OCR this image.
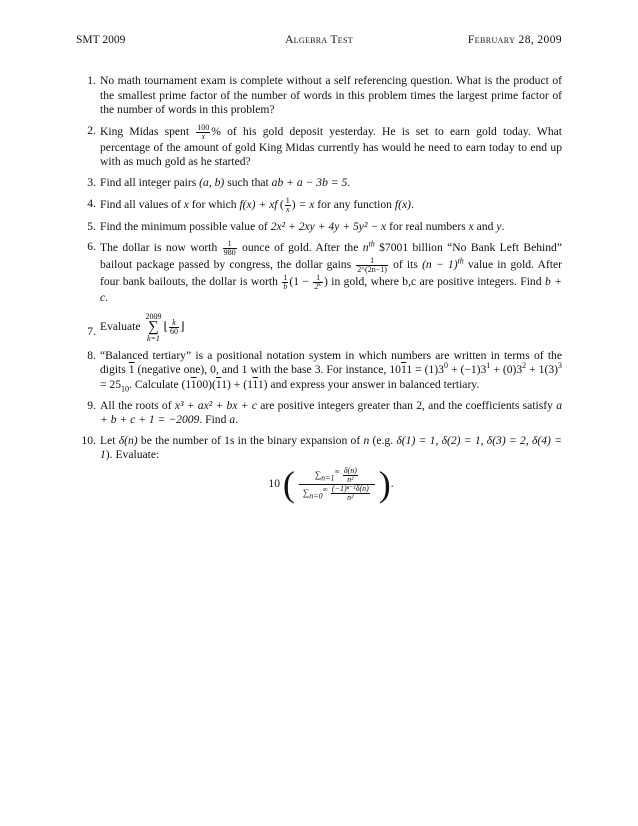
SMT 2009	Algebra Test	February 28, 2009
1. No math tournament exam is complete without a self referencing question. What is the product of the smallest prime factor of the number of words in this problem times the largest prime factor of the number of words in this problem?
2. King Midas spent $\frac{100}{x}$ % of his gold deposit yesterday. He is set to earn gold today. What percentage of the amount of gold King Midas currently has would he need to earn today to end up with as much gold as he started?
3. Find all integer pairs (a, b) such that ab + a − 3b = 5.
4. Find all values of x for which f(x) + xf ( $\frac{1}{x}$ ) = x for any function f(x).
5. Find the minimum possible value of 2x² + 2xy + 4y + 5y² − x for real numbers x and y.
6. The dollar is now worth $\frac{1}{980}$ ounce of gold. After the $n^{th}$ $7001 billion “No Bank Left Behind” bailout package passed by congress, the dollar gains $\frac{1}{2\^{}(2n-1)}$ of its $(n - 1)^{th}$ value in gold. After four bank bailouts, the dollar is worth $\frac{1}{b} (1 - \frac{1}{2^c}$ ) in gold, where b,c are positive integers. Find b + c.
7. Evaluate 2009
∑
k=1⌊ $\frac{k}{60}$ ⌋
8. “Balanced tertiary” is a positional notation system in which numbers are written in terms of the digits 1 (negative one), 0, and 1 with the base 3. For instance, $1011 = (1)3^0 + (-1)3^1 + (0)3^2 + 1(3)^3 = 25_{10}$. Calculate (1100)(11) + (111) and express your answer in balanced tertiary.
9. All the roots of x³ + ax² + bx + c are positive integers greater than 2, and the coefficients satisfy a + b + c + 1 = −2009. Find a.
10. Let δ(n) be the number of 1s in the binary expansion of n (e.g. δ(1) = 1, δ(2) = 1, δ(3) = 2, δ(4) = 1). Evaluate:
10 ( $\frac{\sum_{n=1}^\infty \frac{\delta(n)}{\text{n²}}}{\sum_{n=0}^\infty \frac{\text{(−1)ⁿ⁻¹δ(n)}}{\text{n²}}}$ ).
